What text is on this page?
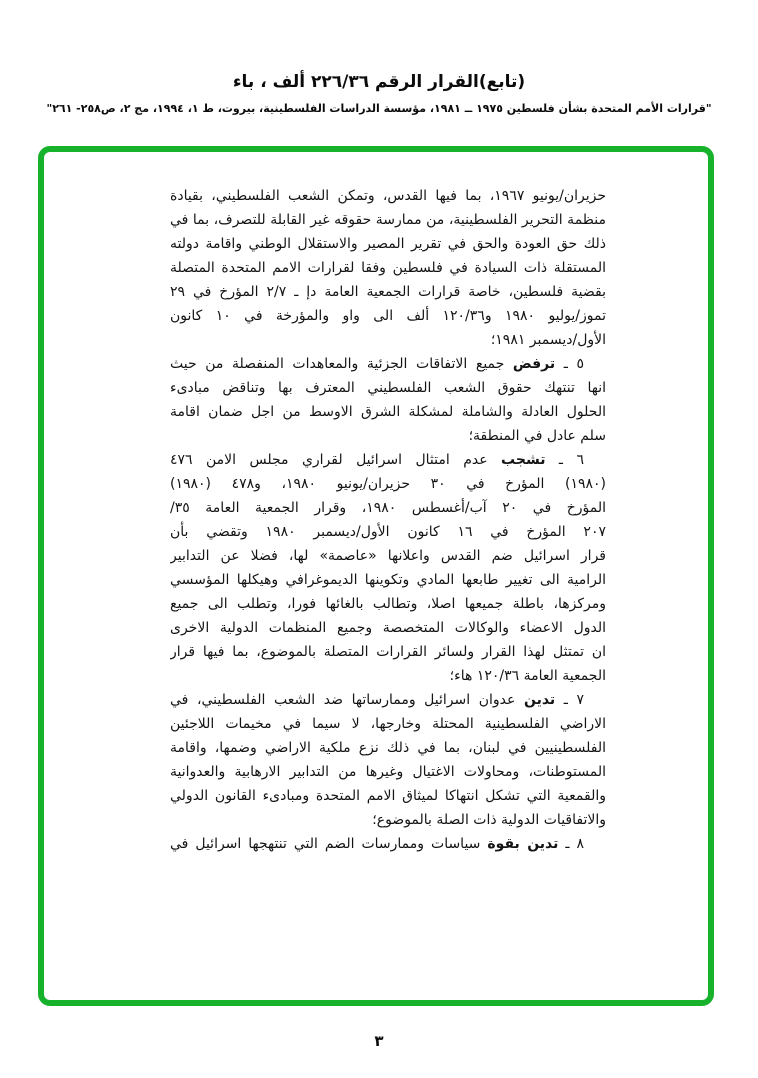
(تابع)القرار الرقم ٢٢٦/٣٦ ألف ، باء
"قرارات الأمم المتحدة بشأن فلسطين ١٩٧٥ ــ ١٩٨١، مؤسسة الدراسات الفلسطينية، بيروت، ط ١، ١٩٩٤، مج ٢، ص٢٥٨- ٢٦١"
حزيران/يونيو ١٩٦٧، بما فيها القدس، وتمكن الشعب الفلسطيني، بقيادة
منظمة التحرير الفلسطينية، من ممارسة حقوقه غير القابلة للتصرف، بما في
ذلك حق العودة والحق في تقرير المصير والاستقلال الوطني واقامة دولته
المستقلة ذات السيادة في فلسطين وفقا لقرارات الامم المتحدة المتصلة
بقضية فلسطين، خاصة قرارات الجمعية العامة دإ ـ ٢/٧ المؤرخ في ٢٩
تموز/يوليو ١٩٨٠ و١٢٠/٣٦ ألف الى واو والمؤرخة في ١٠ كانون
الأول/ديسمبر ١٩٨١؛
٥ ـ ترفض جميع الاتفاقات الجزئية والمعاهدات المنفصلة من حيث
انها تنتهك حقوق الشعب الفلسطيني المعترف بها وتناقض مبادىء
الحلول العادلة والشاملة لمشكلة الشرق الاوسط من اجل ضمان اقامة
سلم عادل في المنطقة؛
٦ ـ تشجب عدم امتثال اسرائيل لقراري مجلس الامن ٤٧٦
(١٩٨٠) المؤرخ في ٣٠ حزيران/يونيو ١٩٨٠، و٤٧٨ (١٩٨٠)
المؤرخ في ٢٠ آب/أغسطس ١٩٨٠، وقرار الجمعية العامة ٣٥/
٢٠٧ المؤرخ في ١٦ كانون الأول/ديسمبر ١٩٨٠ وتقضي بأن
قرار اسرائيل ضم القدس واعلانها «عاصمة» لها، فضلا عن التدابير
الرامية الى تغيير طابعها المادي وتكوينها الديموغرافي وهيكلها المؤسسي
ومركزها، باطلة جميعها اصلا، وتطالب بالغائها فورا، وتطلب الى جميع
الدول الاعضاء والوكالات المتخصصة وجميع المنظمات الدولية الاخرى
ان تمتثل لهذا القرار ولسائر القرارات المتصلة بالموضوع، بما فيها قرار
الجمعية العامة ١٢٠/٣٦ هاء؛
٧ ـ تدين عدوان اسرائيل وممارساتها ضد الشعب الفلسطيني، في
الاراضي الفلسطينية المحتلة وخارجها، لا سيما في مخيمات اللاجئين
الفلسطينيين في لبنان، بما في ذلك نزع ملكية الاراضي وضمها، واقامة
المستوطنات، ومحاولات الاغتيال وغيرها من التدابير الارهابية والعدوانية
والقمعية التي تشكل انتهاكا لميثاق الامم المتحدة ومبادىء القانون الدولي
والاتفاقيات الدولية ذات الصلة بالموضوع؛
٨ ـ تدين بقوة سياسات وممارسات الضم التي تنتهجها اسرائيل في
٣
